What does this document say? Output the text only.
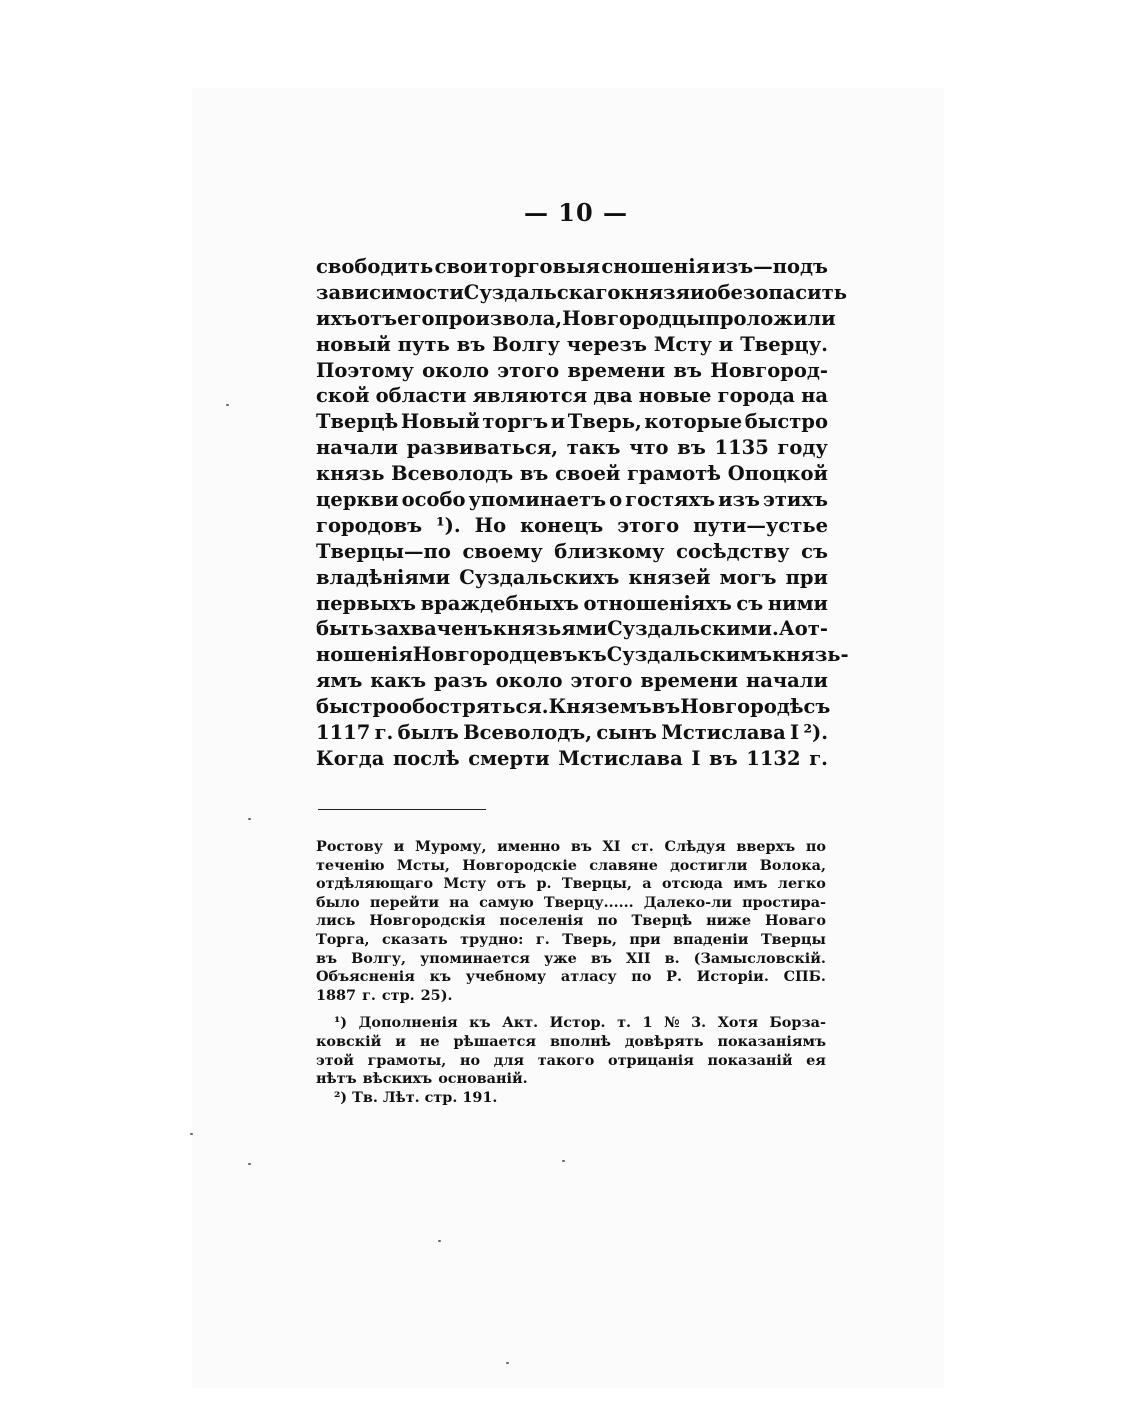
— 10 —
свободить свои торговыя сношенія изъ—подъ
зависимости Суздальскаго князя и обезопасить
ихъ отъ его произвола, Новгородцы проложили
новый путь въ Волгу черезъ Мсту и Тверцу.
Поэтому около этого времени въ Новгород-
ской области являются два новые города на
Тверцѣ Новый торгъ и Тверь, которые быстро
начали развиваться, такъ что въ 1135 году
князь Всеволодъ въ своей грамотѣ Опоцкой
церкви особо упоминаетъ о гостяхъ изъ этихъ
городовъ ¹). Но конецъ этого пути—устье
Тверцы—по своему близкому сосѣдству съ
владѣніями Суздальскихъ князей могъ при
первыхъ враждебныхъ отношеніяхъ съ ними
быть захваченъ князьями Суздальскими. А от-
ношенія Новгородцевъ къ Суздальскимъ князь-
ямъ какъ разъ около этого времени начали
быстро обостряться. Княземъ въ Новгородѣ съ
1117 г. былъ Всеволодъ, сынъ Мстислава I ²).
Когда послѣ смерти Мстислава I въ 1132 г.
Ростову и Мурому, именно въ XI ст. Слѣдуя вверхъ по
теченію Мсты, Новгородскіе славяне достигли Волока,
отдѣляющаго Мсту отъ р. Тверцы, а отсюда имъ легко
было перейти на самую Тверцу...... Далеко-ли простира-
лись Новгородскія поселенія по Тверцѣ ниже Новаго
Торга, сказать трудно: г. Тверь, при впаденіи Тверцы
въ Волгу, упоминается уже въ XII в. (Замысловскій.
Объясненія къ учебному атласу по Р. Исторіи. СПБ.
1887 г. стр. 25).
¹) Дополненія къ Акт. Истор. т. 1 № 3. Хотя Борза-
ковскій и не рѣшается вполнѣ довѣрять показаніямъ
этой грамоты, но для такого отрицанія показаній ея
нѣтъ вѣскихъ основаній.
²) Тв. Лѣт. стр. 191.
